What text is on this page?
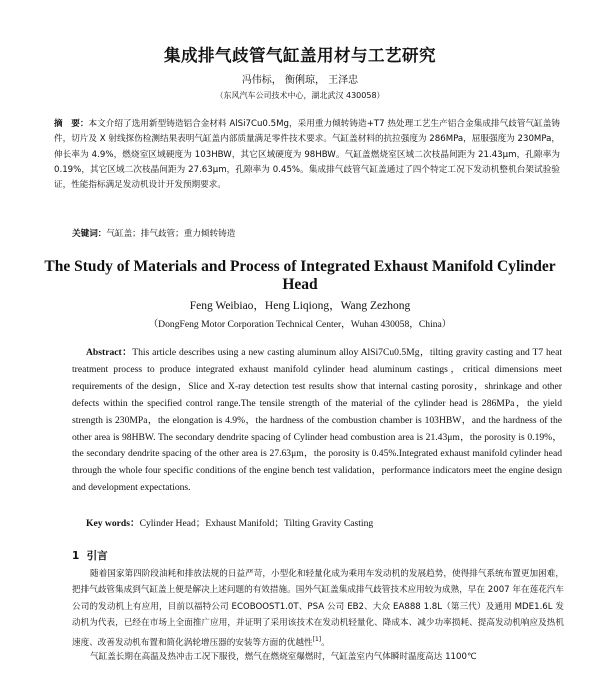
集成排气歧管气缸盖用材与工艺研究
冯伟标， 衡俐琼， 王泽忠
（东风汽车公司技术中心，湖北武汉 430058）
摘　要：本文介绍了选用新型铸造铝合金材料 AlSi7Cu0.5Mg，采用重力倾转铸造+T7 热处理工艺生产铝合金集成排气歧管气缸盖铸件，切片及 X 射线探伤检测结果表明气缸盖内部质量满足零件技术要求。气缸盖材料的抗拉强度为 286MPa，屈服强度为 230MPa，伸长率为 4.9%，燃烧室区域硬度为 103HBW，其它区域硬度为 98HBW。气缸盖燃烧室区域二次枝晶间距为 21.43μm，孔隙率为 0.19%，其它区域二次枝晶间距为 27.63μm，孔隙率为 0.45%。集成排气歧管气缸盖通过了四个特定工况下发动机整机台架试验验证，性能指标满足发动机设计开发预期要求。
关键词：气缸盖；排气歧管；重力倾转铸造
The Study of Materials and Process of Integrated Exhaust Manifold Cylinder Head
Feng Weibiao，Heng Liqiong，Wang Zezhong
（DongFeng Motor Corporation Technical Center，Wuhan 430058，China）
Abstract：This article describes using a new casting aluminum alloy AlSi7Cu0.5Mg，tilting gravity casting and T7 heat treatment process to produce integrated exhaust manifold cylinder head aluminum castings，critical dimensions meet requirements of the design，Slice and X-ray detection test results show that internal casting porosity，shrinkage and other defects within the specified control range.The tensile strength of the material of the cylinder head is 286MPa，the yield strength is 230MPa，the elongation is 4.9%，the hardness of the combustion chamber is 103HBW，and the hardness of the other area is 98HBW. The secondary dendrite spacing of Cylinder head combustion area is 21.43μm，the porosity is 0.19%，the secondary dendrite spacing of the other area is 27.63μm，the porosity is 0.45%.Integrated exhaust manifold cylinder head through the whole four specific conditions of the engine bench test validation，performance indicators meet the engine design and development expectations.
Key words：Cylinder Head；Exhaust Manifold；Tilting Gravity Casting
1 引言
随着国家第四阶段油耗和排放法规的日益严苛，小型化和轻量化成为乘用车发动机的发展趋势，使得排气系统布置更加困难，把排气歧管集成到气缸盖上便是解决上述问题的有效措施。国外气缸盖集成排气歧管技术应用较为成熟，早在 2007 年在莲花汽车公司的发动机上有应用，目前以福特公司 ECOBOOST1.0T、PSA 公司 EB2、大众 EA888 1.8L（第三代）及通用 MDE1.6L 发动机为代表，已经在市场上全面推广应用，并证明了采用该技术在发动机轻量化、降成本、减少功率损耗、提高发动机响应及热机速度、改善发动机布置和简化涡轮增压器的安装等方面的优越性[1]。
气缸盖长期在高温及热冲击工况下服役，燃气在燃烧室爆燃时，气缸盖室内气体瞬时温度高达 1100℃
